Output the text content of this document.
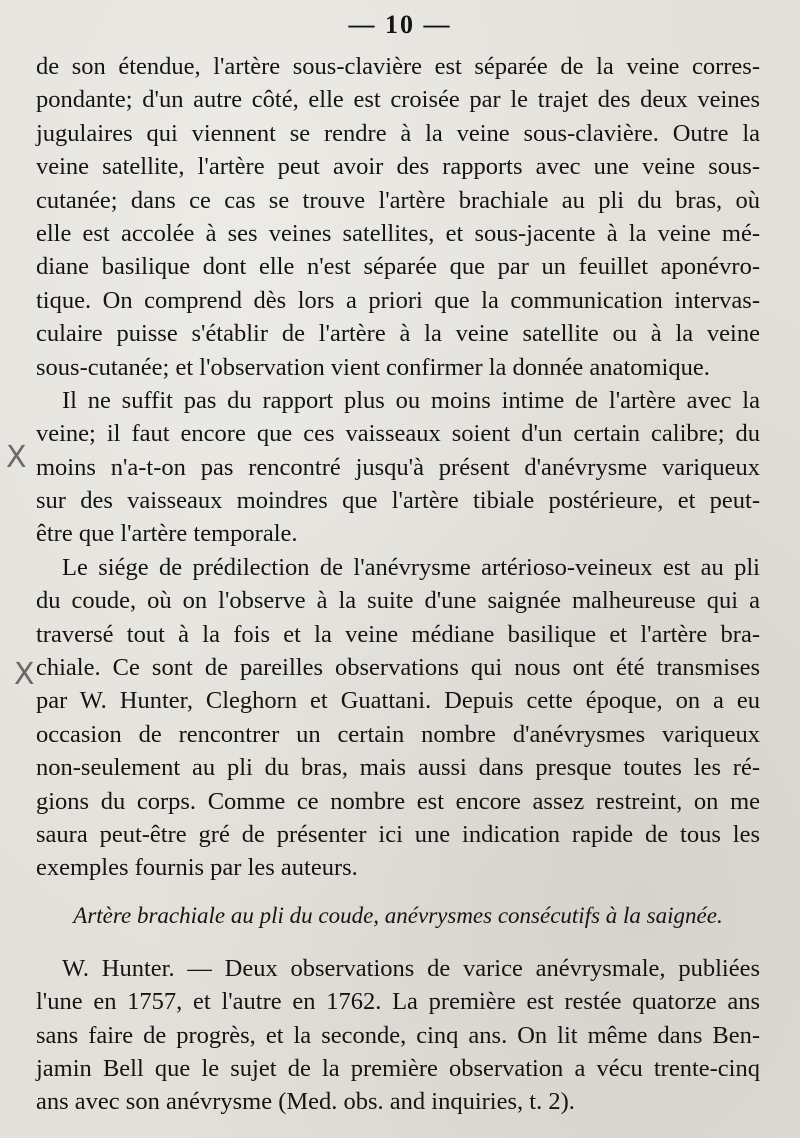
— 10 —
X
X
de son étendue, l'artère sous-clavière est séparée de la veine corres-
pondante; d'un autre côté, elle est croisée par le trajet des deux veines
jugulaires qui viennent se rendre à la veine sous-clavière. Outre la
veine satellite, l'artère peut avoir des rapports avec une veine sous-
cutanée; dans ce cas se trouve l'artère brachiale au pli du bras, où
elle est accolée à ses veines satellites, et sous-jacente à la veine mé-
diane basilique dont elle n'est séparée que par un feuillet aponévro-
tique. On comprend dès lors a priori que la communication intervas-
culaire puisse s'établir de l'artère à la veine satellite ou à la veine
sous-cutanée; et l'observation vient confirmer la donnée anatomique.
Il ne suffit pas du rapport plus ou moins intime de l'artère avec la
veine; il faut encore que ces vaisseaux soient d'un certain calibre; du
moins n'a-t-on pas rencontré jusqu'à présent d'anévrysme variqueux
sur des vaisseaux moindres que l'artère tibiale postérieure, et peut-
être que l'artère temporale.
Le siége de prédilection de l'anévrysme artérioso-veineux est au pli
du coude, où on l'observe à la suite d'une saignée malheureuse qui a
traversé tout à la fois et la veine médiane basilique et l'artère bra-
chiale. Ce sont de pareilles observations qui nous ont été transmises
par W. Hunter, Cleghorn et Guattani. Depuis cette époque, on a eu
occasion de rencontrer un certain nombre d'anévrysmes variqueux
non-seulement au pli du bras, mais aussi dans presque toutes les ré-
gions du corps. Comme ce nombre est encore assez restreint, on me
saura peut-être gré de présenter ici une indication rapide de tous les
exemples fournis par les auteurs.
Artère brachiale au pli du coude, anévrysmes consécutifs à la saignée.
W. Hunter. — Deux observations de varice anévrysmale, publiées
l'une en 1757, et l'autre en 1762. La première est restée quatorze ans
sans faire de progrès, et la seconde, cinq ans. On lit même dans Ben-
jamin Bell que le sujet de la première observation a vécu trente-cinq
ans avec son anévrysme (Med. obs. and inquiries, t. 2).
